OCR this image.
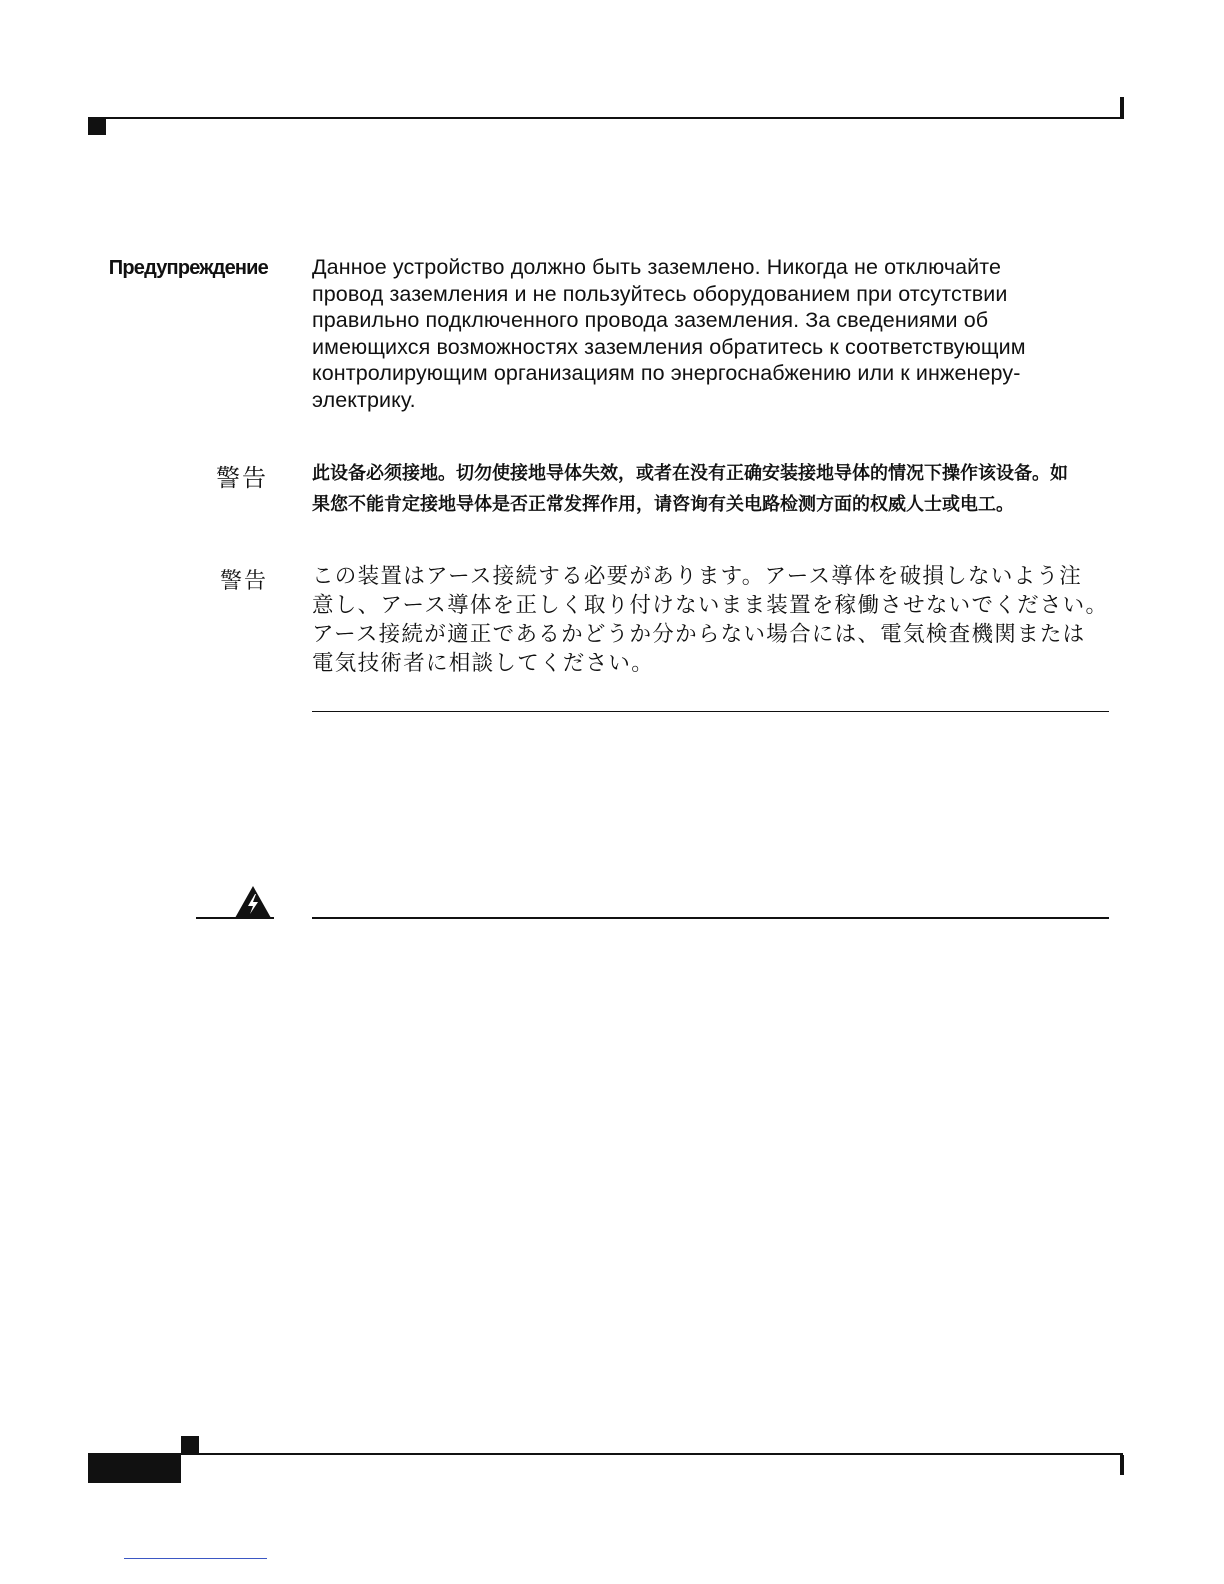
Предупреждение Данное устройство должно быть заземлено. Никогда не отключайте
провод заземления и не пользуйтесь оборудованием при отсутствии
правильно подключенного провода заземления. За сведениями об
имеющихся возможностях заземления обратитесь к соответствующим
контролирующим организациям по энергоснабжению или к инженеру-
электрику.
警告 此设备必须接地。切勿使接地导体失效，或者在没有正确安装接地导体的情况下操作该设备。如
果您不能肯定接地导体是否正常发挥作用，请咨询有关电路检测方面的权威人士或电工。
警告 この装置はアース接続する必要があります。アース導体を破損しないよう注
意し、アース導体を正しく取り付けないまま装置を稼働させないでください。
アース接続が適正であるかどうか分からない場合には、電気検査機関または
電気技術者に相談してください。
